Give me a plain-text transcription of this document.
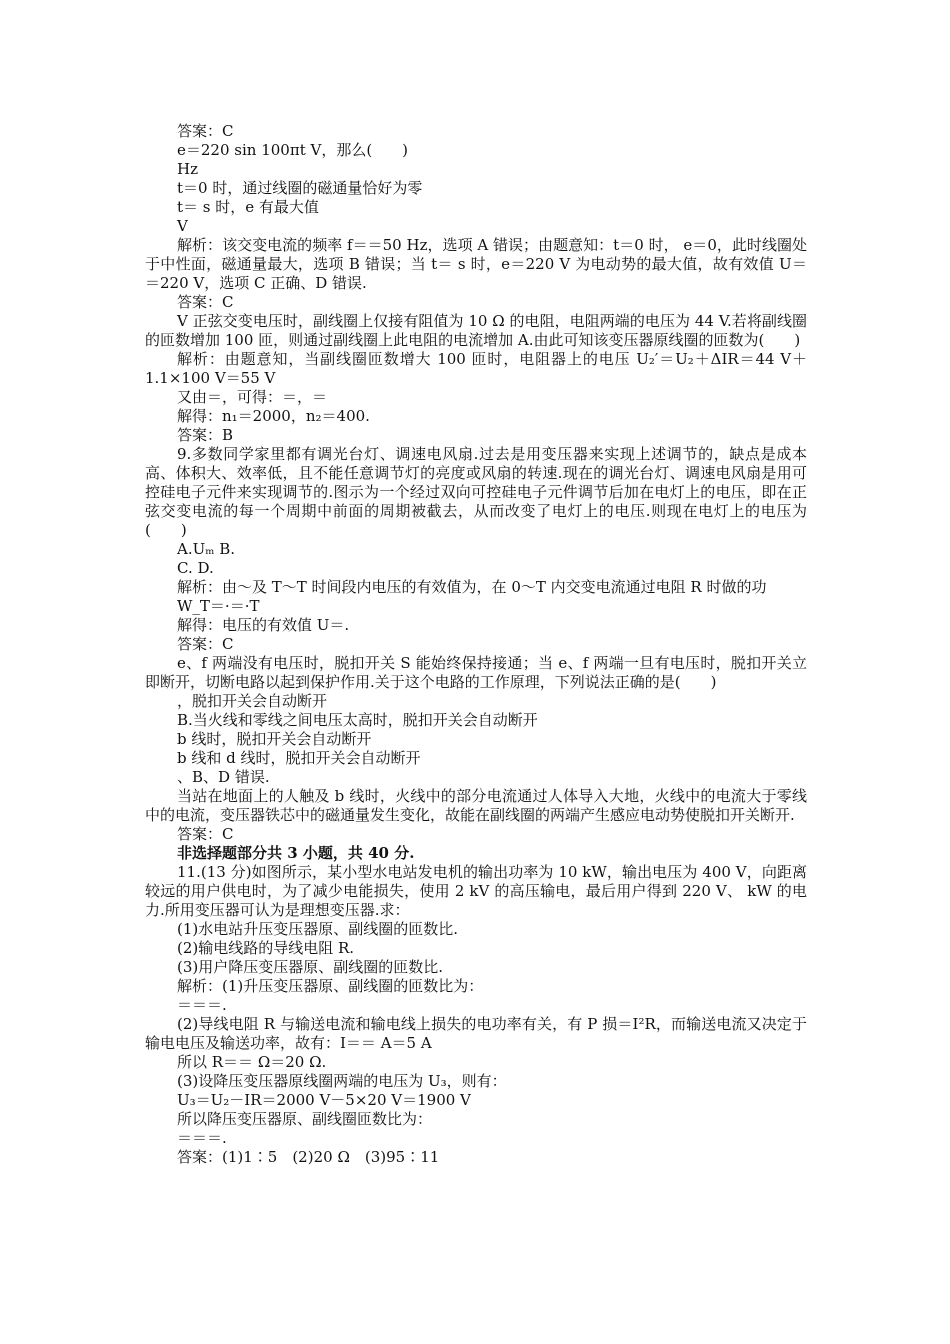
答案：C
e＝220 sin 100πt V，那么(　　)
Hz
t＝0 时，通过线圈的磁通量恰好为零
t＝ s 时，e 有最大值
V
解析：该交变电流的频率 f＝＝50 Hz，选项 A 错误；由题意知：t＝0 时， e＝0，此时线圈处于中性面，磁通量最大，选项 B 错误；当 t＝ s 时，e＝220 V 为电动势的最大值，故有效值 U＝＝220 V，选项 C 正确、D 错误.
答案：C
V 正弦交变电压时，副线圈上仅接有阻值为 10 Ω 的电阻，电阻两端的电压为 44 V.若将副线圈的匝数增加 100 匝，则通过副线圈上此电阻的电流增加 A.由此可知该变压器原线圈的匝数为(　　)
解析：由题意知，当副线圈匝数增大 100 匝时，电阻器上的电压 U₂′＝U₂＋ΔIR＝44 V＋1.1×100 V＝55 V
又由＝，可得：＝，＝
解得：n₁＝2000，n₂＝400.
答案：B
9.多数同学家里都有调光台灯、调速电风扇.过去是用变压器来实现上述调节的，缺点是成本高、体积大、效率低，且不能任意调节灯的亮度或风扇的转速.现在的调光台灯、调速电风扇是用可控硅电子元件来实现调节的.图示为一个经过双向可控硅电子元件调节后加在电灯上的电压，即在正弦交变电流的每一个周期中前面的周期被截去，从而改变了电灯上的电压.则现在电灯上的电压为(　　)
A.Uₘ B.
C. D.
解析：由～及 T～T 时间段内电压的有效值为，在 0～T 内交变电流通过电阻 R 时做的功
W_T＝·＝·T
解得：电压的有效值 U＝.
答案：C
e、f 两端没有电压时，脱扣开关 S 能始终保持接通；当 e、f 两端一旦有电压时，脱扣开关立即断开，切断电路以起到保护作用.关于这个电路的工作原理，下列说法正确的是(　　)
，脱扣开关会自动断开
B.当火线和零线之间电压太高时，脱扣开关会自动断开
b 线时，脱扣开关会自动断开
b 线和 d 线时，脱扣开关会自动断开
、B、D 错误.
当站在地面上的人触及 b 线时，火线中的部分电流通过人体导入大地，火线中的电流大于零线中的电流，变压器铁芯中的磁通量发生变化，故能在副线圈的两端产生感应电动势使脱扣开关断开.
答案：C
非选择题部分共 3 小题，共 40 分.
11.(13 分)如图所示，某小型水电站发电机的输出功率为 10 kW，输出电压为 400 V，向距离较远的用户供电时，为了减少电能损失，使用 2 kV 的高压输电，最后用户得到 220 V、 kW 的电力.所用变压器可认为是理想变压器.求：
(1)水电站升压变压器原、副线圈的匝数比.
(2)输电线路的导线电阻 R.
(3)用户降压变压器原、副线圈的匝数比.
解析：(1)升压变压器原、副线圈的匝数比为：
＝＝＝.
(2)导线电阻 R 与输送电流和输电线上损失的电功率有关，有 P 损＝I²R，而输送电流又决定于输电电压及输送功率，故有：I＝＝ A＝5 A
所以 R＝＝ Ω＝20 Ω.
(3)设降压变压器原线圈两端的电压为 U₃，则有：
U₃＝U₂－IR＝2000 V－5×20 V＝1900 V
所以降压变压器原、副线圈匝数比为：
＝＝＝.
答案：(1)1∶5　(2)20 Ω　(3)95∶11
